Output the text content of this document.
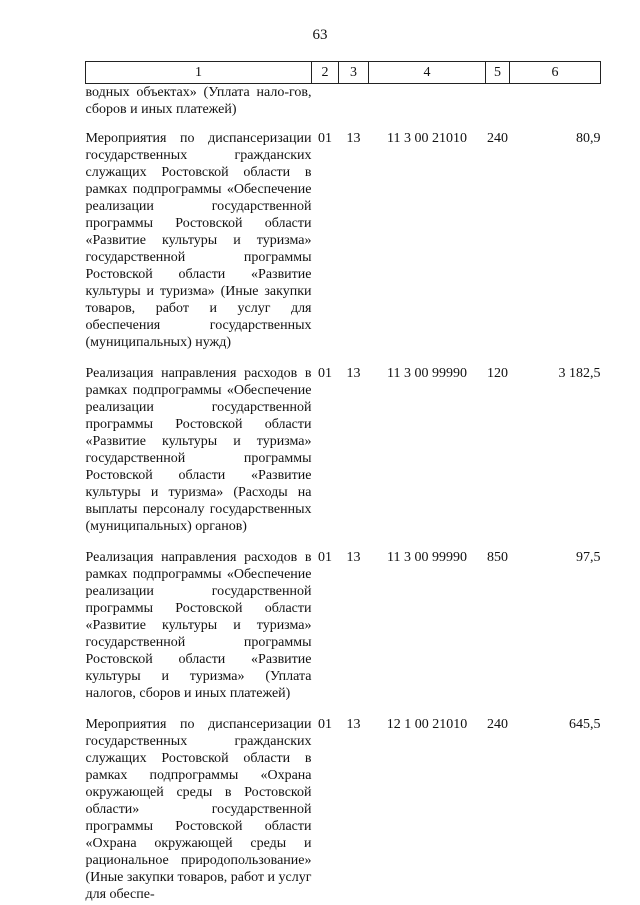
63
1	2	3	4	5	6
водных объектах» (Уплата нало-гов, сборов и иных платежей)					
Мероприятия по диспансеризации государственных гражданских служащих Ростовской области в рамках подпрограммы «Обеспечение реализации государственной программы Ростовской области «Развитие культуры и туризма» государственной программы Ростовской области «Развитие культуры и туризма» (Иные закупки товаров, работ и услуг для обеспечения государственных (муниципальных) нужд)	01	13	11 3 00 21010	240	80,9
Реализация направления расходов в рамках подпрограммы «Обеспечение реализации государственной программы Ростовской области «Развитие культуры и туризма» государственной программы Ростовской области «Развитие культуры и туризма» (Расходы на выплаты персоналу государственных (муниципальных) органов)	01	13	11 3 00 99990	120	3 182,5
Реализация направления расходов в рамках подпрограммы «Обеспечение реализации государственной программы Ростовской области «Развитие культуры и туризма» государственной программы Ростовской области «Развитие культуры и туризма» (Уплата налогов, сборов и иных платежей)	01	13	11 3 00 99990	850	97,5
Мероприятия по диспансеризации государственных гражданских служащих Ростовской области в рамках подпрограммы «Охрана окружающей среды в Ростовской области» государственной программы Ростовской области «Охрана окружающей среды и рациональное природопользование» (Иные закупки товаров, работ и услуг для обеспе-	01	13	12 1 00 21010	240	645,5
